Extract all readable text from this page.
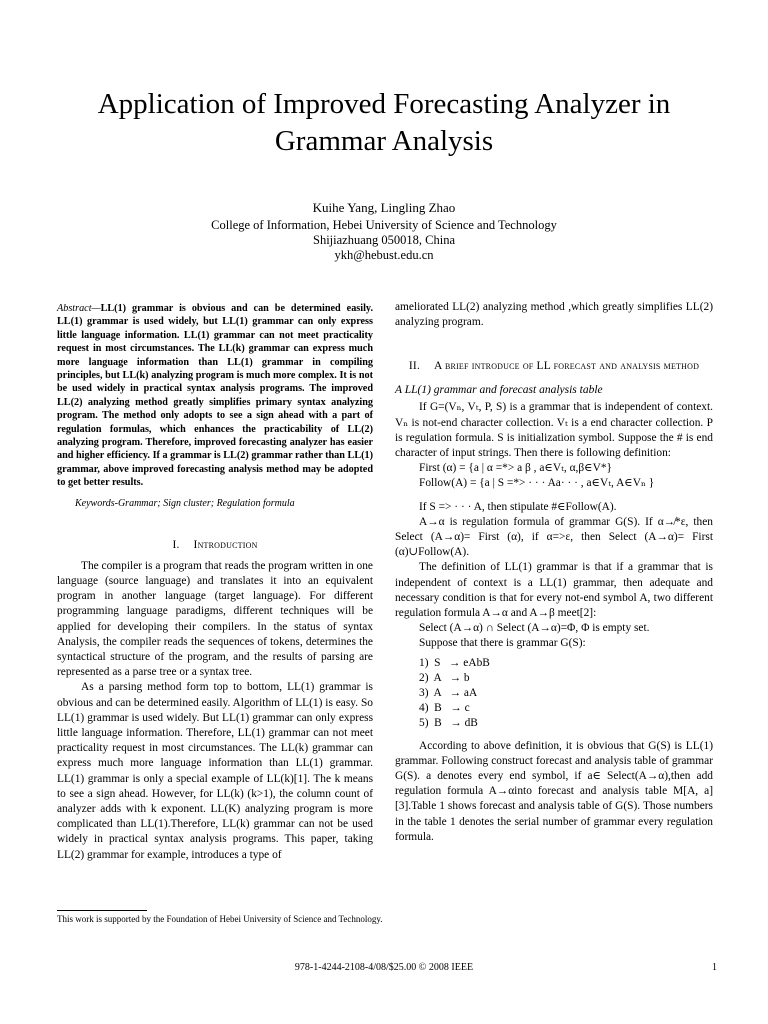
Application of Improved Forecasting Analyzer in Grammar Analysis
Kuihe Yang, Lingling Zhao
College of Information, Hebei University of Science and Technology
Shijiazhuang 050018, China
ykh@hebust.edu.cn

Abstract—LL(1) grammar is obvious and can be determined easily. LL(1) grammar is used widely, but LL(1) grammar can only express little language information. LL(1) grammar can not meet practicality request in most circumstances. The LL(k) grammar can express much more language information than LL(1) grammar in compiling principles, but LL(k) analyzing program is much more complex. It is not be used widely in practical syntax analysis programs. The improved LL(2) analyzing method greatly simplifies primary syntax analyzing program. The method only adopts to see a sign ahead with a part of regulation formulas, which enhances the practicability of LL(2) analyzing program. Therefore, improved forecasting analyzer has easier and higher efficiency. If a grammar is LL(2) grammar rather than LL(1) grammar, above improved forecasting analysis method may be adopted to get better results.

Keywords-Grammar; Sign cluster; Regulation formula
I. Introduction

The compiler is a program that reads the program written in one language (source language) and translates it into an equivalent program in another language (target language). For different programming language paradigms, different techniques will be applied for developing their compilers. In the status of syntax Analysis, the compiler reads the sequences of tokens, determines the syntactical structure of the program, and the results of parsing are represented as a parse tree or a syntax tree.

As a parsing method form top to bottom, LL(1) grammar is obvious and can be determined easily. Algorithm of LL(1) is easy. So LL(1) grammar is used widely. But LL(1) grammar can only express little language information. Therefore, LL(1) grammar can not meet practicality request in most circumstances. The LL(k) grammar can express much more language information than LL(1) grammar. LL(1) grammar is only a special example of LL(k)[1]. The k means to see a sign ahead. However, for LL(k) (k>1), the column count of analyzer adds with k exponent. LL(K) analyzing program is more complicated than LL(1).Therefore, LL(k) grammar can not be used widely in practical syntax analysis programs. This paper, taking LL(2) grammar for example, introduces a type of

ameliorated LL(2) analyzing method ,which greatly simplifies LL(2) analyzing program.

II. A brief introduce of LL forecast and analysis method
A LL(1) grammar and forecast analysis table

If G=(Vₙ, Vₜ, P, S) is a grammar that is independent of context. Vₙ is not-end character collection. Vₜ is a end character collection. P is regulation formula. S is initialization symbol. Suppose the # is end character of input strings. Then there is following definition:

First (α) = {a | α =*> a β , a∈Vₜ, α,β∈V*}
Follow(A) = {a | S =*> · · · Aa· · · , a∈Vₜ, A∈Vₙ }
If S => · · · A, then stipulate #∈Follow(A).

A→α is regulation formula of grammar G(S). If α↛*ε, then Select (A→α)= First (α), if α=>ε, then Select (A→α)= First (α)∪Follow(A).

The definition of LL(1) grammar is that if a grammar that is independent of context is a LL(1) grammar, then adequate and necessary condition is that for every not-end symbol A, two different regulation formula A→α and A→β meet[2]:

Select (A→α) ∩ Select (A→α)=Φ, Φ is empty set.
Suppose that there is grammar G(S):
1)  S   → eAbB
2)  A   → b
3)  A   → aA
4)  B   → c
5)  B   → dB

According to above definition, it is obvious that G(S) is LL(1) grammar. Following construct forecast and analysis table of grammar G(S). a denotes every end symbol, if a∈ Select(A→α),then add regulation formula A→αinto forecast and analysis table M[A, a] [3].Table 1 shows forecast and analysis table of G(S). Those numbers in the table 1 denotes the serial number of grammar every regulation formula.

This work is supported by the Foundation of Hebei University of Science and Technology.
978-1-4244-2108-4/08/$25.00 © 2008 IEEE	1
